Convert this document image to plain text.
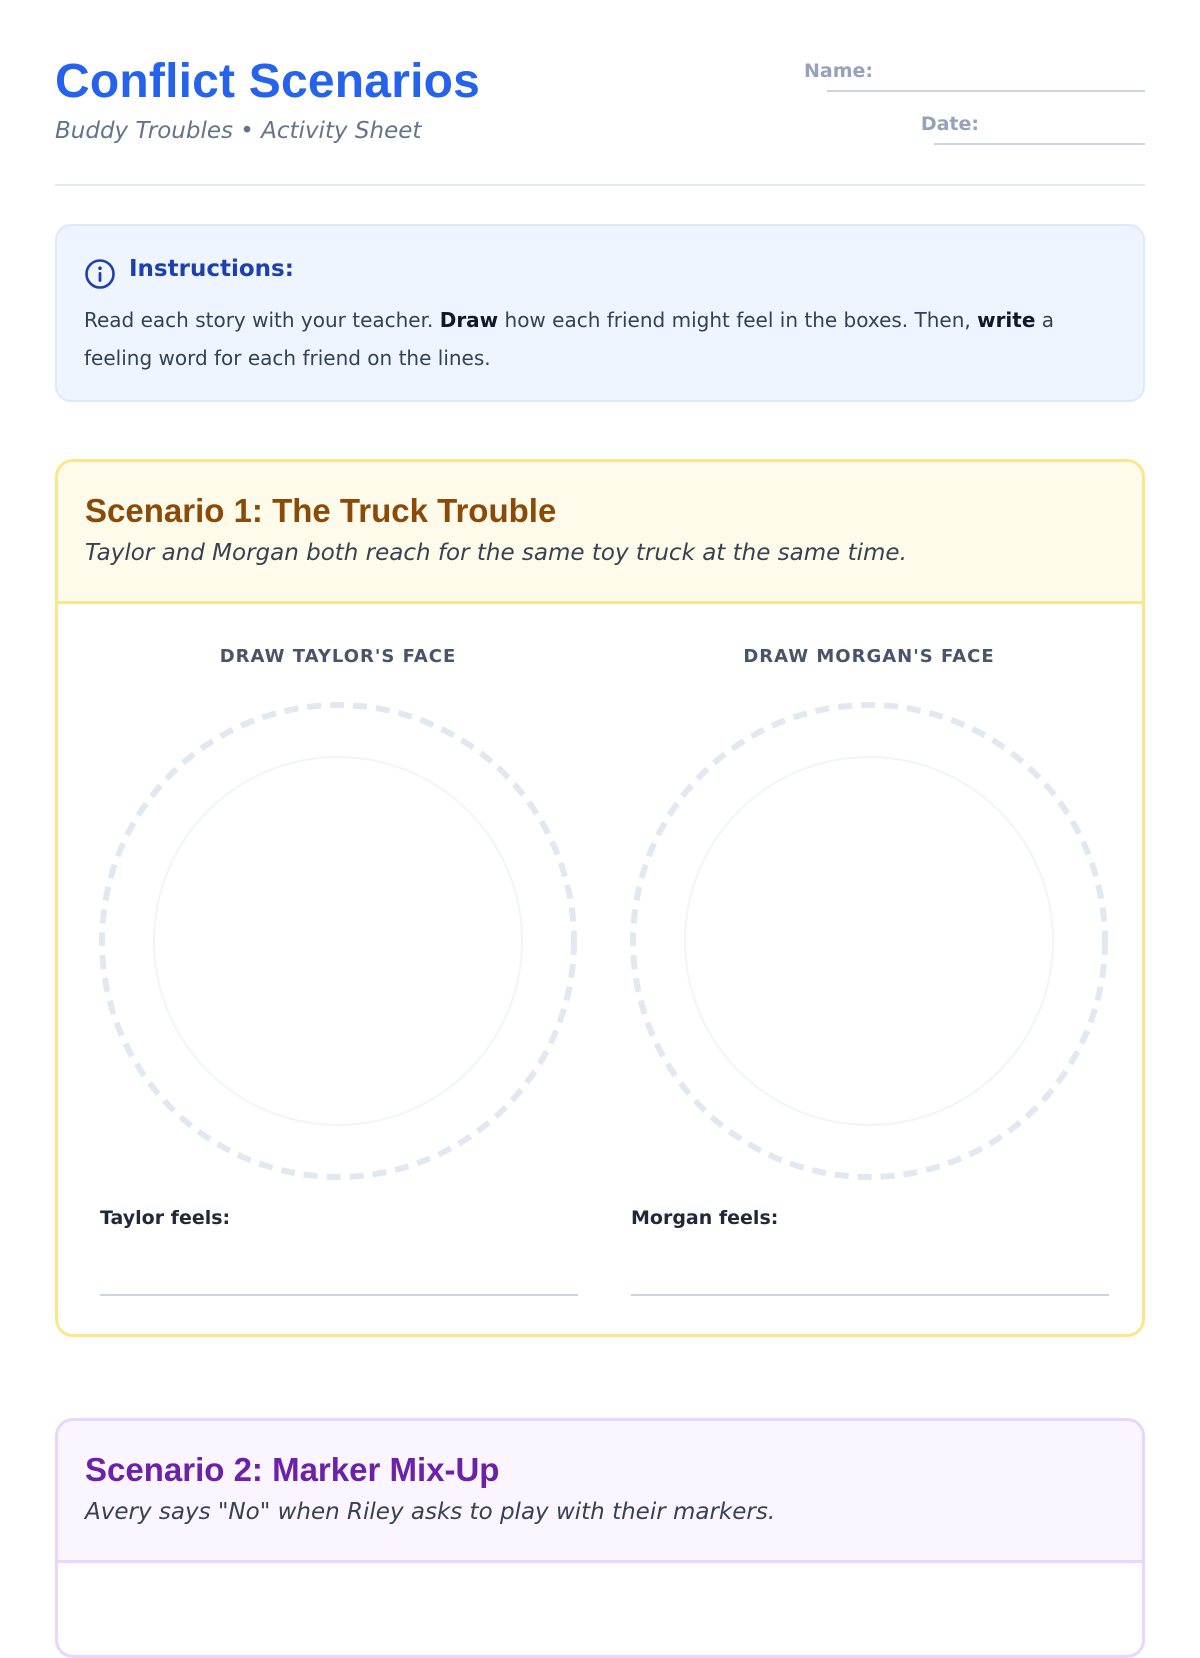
Conflict Scenarios
Buddy Troubles • Activity Sheet
Name:
Date:
Instructions:
Read each story with your teacher. Draw how each friend might feel in the boxes. Then, write a feeling word for each friend on the lines.
Scenario 1: The Truck Trouble
Taylor and Morgan both reach for the same toy truck at the same time.
DRAW TAYLOR'S FACE	DRAW MORGAN'S FACE
Taylor feels:	Morgan feels:
Scenario 2: Marker Mix-Up
Avery says "No" when Riley asks to play with their markers.
